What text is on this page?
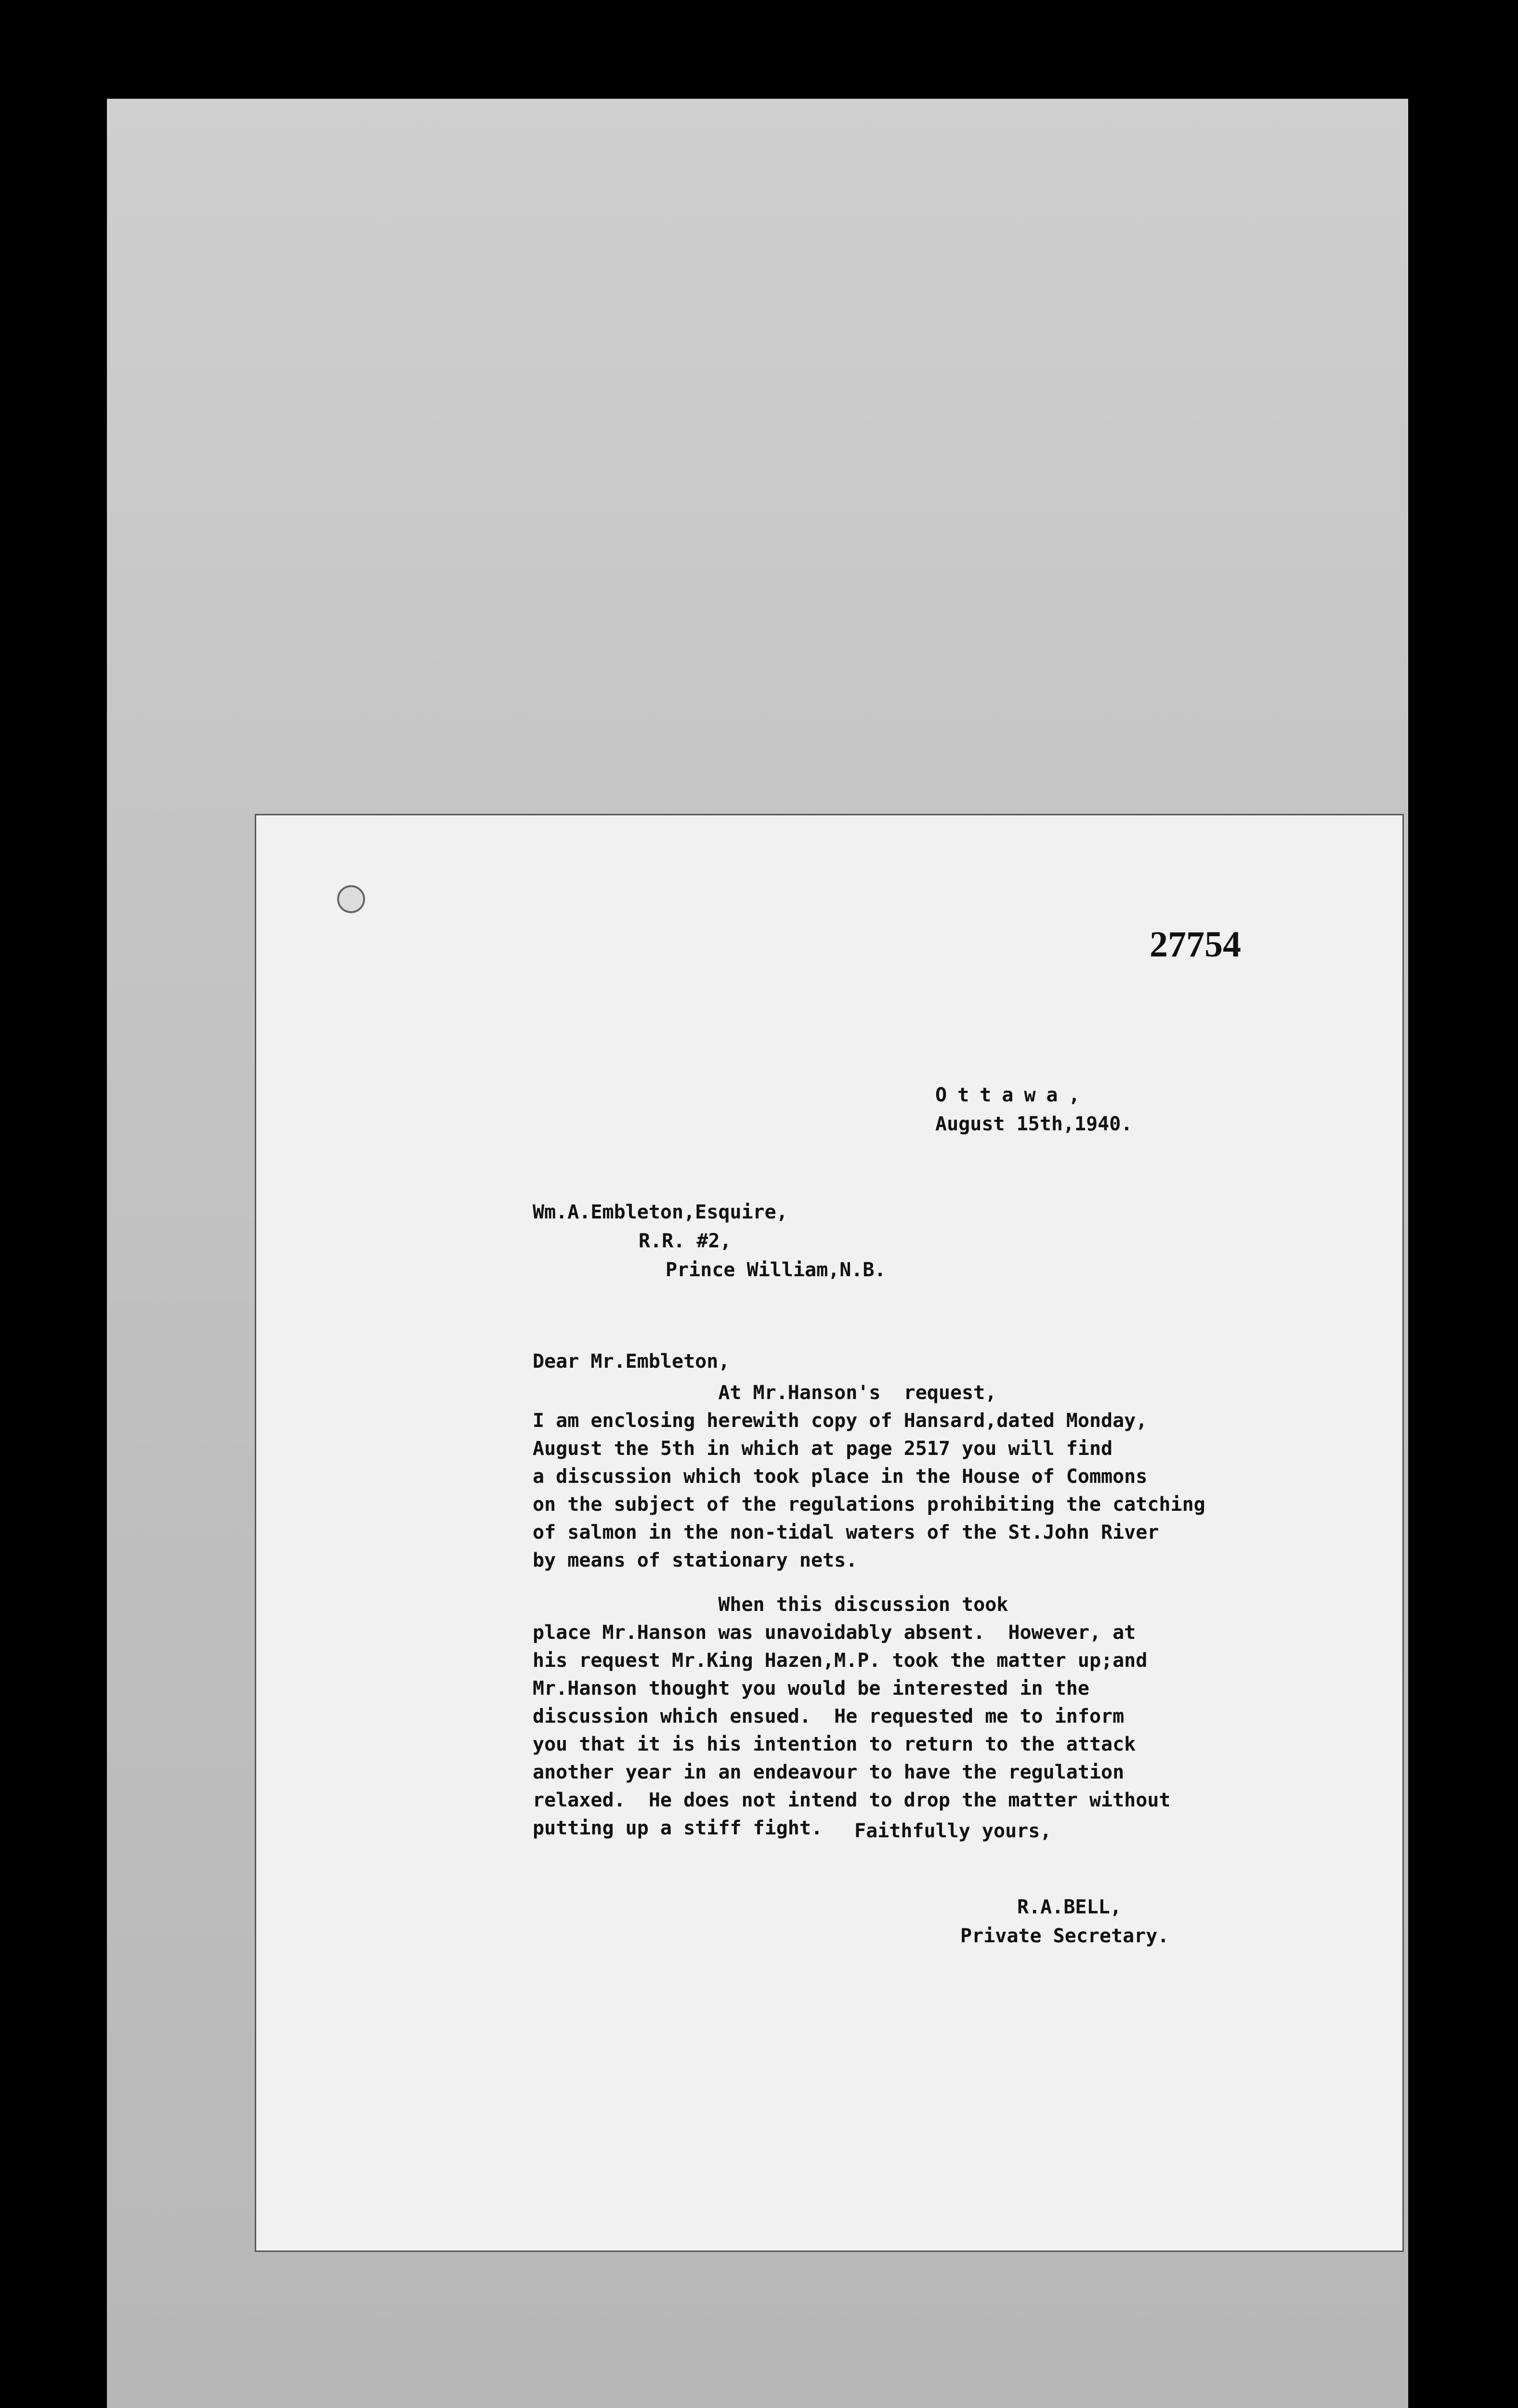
27754
Ottawa,
August 15th,1940.
Wm.A.Embleton,Esquire,
R.R. #2,
Prince William,N.B.
Dear Mr.Embleton,
At Mr.Hanson's  request,
I am enclosing herewith copy of Hansard,dated Monday,
August the 5th in which at page 2517 you will find
a discussion which took place in the House of Commons
on the subject of the regulations prohibiting the catching
of salmon in the non-tidal waters of the St.John River
by means of stationary nets.
When this discussion took
place Mr.Hanson was unavoidably absent.  However, at
his request Mr.King Hazen,M.P. took the matter up;and
Mr.Hanson thought you would be interested in the
discussion which ensued.  He requested me to inform
you that it is his intention to return to the attack
another year in an endeavour to have the regulation
relaxed.  He does not intend to drop the matter without
putting up a stiff fight.	Faithfully yours,
R.A.BELL,
Private Secretary.
